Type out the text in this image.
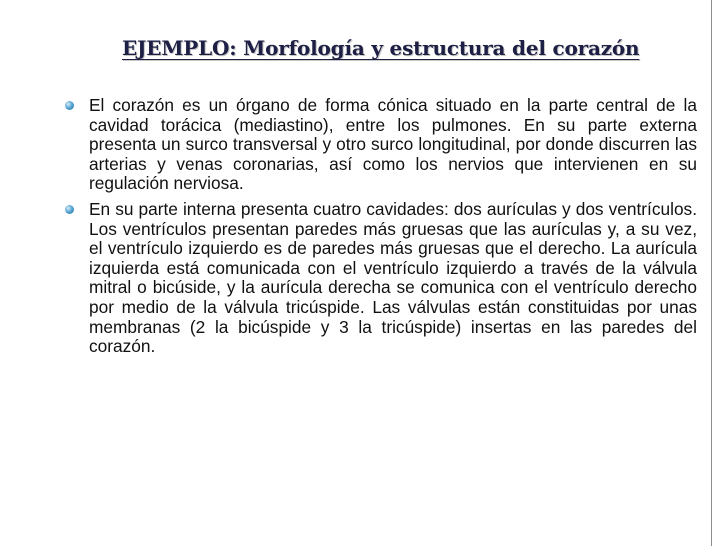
EJEMPLO: Morfología y estructura del corazón
El corazón es un órgano de forma cónica situado en la parte central de la cavidad torácica (mediastino), entre los pulmones. En su parte externa presenta un surco transversal y otro surco longitudinal, por donde discurren las arterias y venas coronarias, así como los nervios que intervienen en su regulación nerviosa.
En su parte interna presenta cuatro cavidades: dos aurículas y dos ventrículos. Los ventrículos presentan paredes más gruesas que las aurículas y, a su vez, el ventrículo izquierdo es de paredes más gruesas que el derecho. La aurícula izquierda está comunicada con el ventrículo izquierdo a través de la válvula mitral o bicúside, y la aurícula derecha se comunica con el ventrículo derecho por medio de la válvula tricúspide. Las válvulas están constituidas por unas membranas (2 la bicúspide y 3 la tricúspide) insertas en las paredes del corazón.
